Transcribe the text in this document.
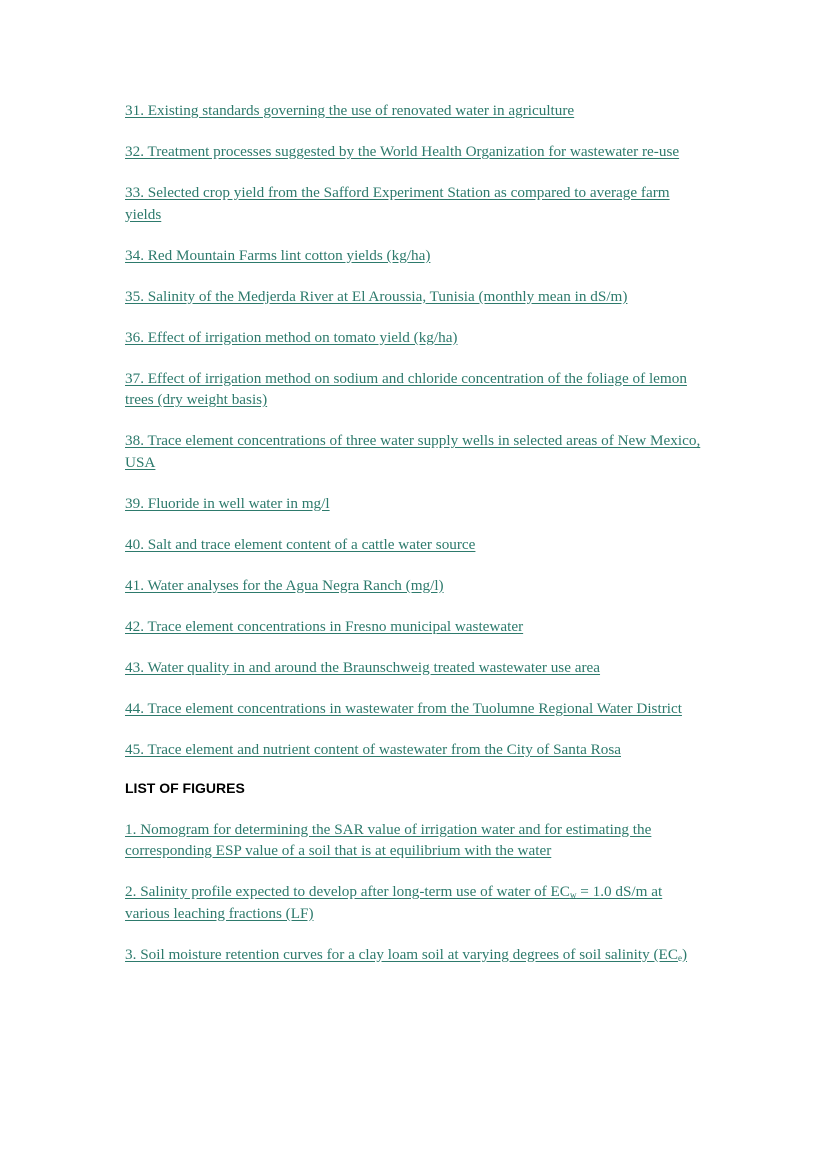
31. Existing standards governing the use of renovated water in agriculture
32. Treatment processes suggested by the World Health Organization for wastewater re-use
33. Selected crop yield from the Safford Experiment Station as compared to average farm yields
34. Red Mountain Farms lint cotton yields (kg/ha)
35. Salinity of the Medjerda River at El Aroussia, Tunisia (monthly mean in dS/m)
36. Effect of irrigation method on tomato yield (kg/ha)
37. Effect of irrigation method on sodium and chloride concentration of the foliage of lemon trees (dry weight basis)
38. Trace element concentrations of three water supply wells in selected areas of New Mexico, USA
39. Fluoride in well water in mg/l
40. Salt and trace element content of a cattle water source
41. Water analyses for the Agua Negra Ranch (mg/l)
42. Trace element concentrations in Fresno municipal wastewater
43. Water quality in and around the Braunschweig treated wastewater use area
44. Trace element concentrations in wastewater from the Tuolumne Regional Water District
45. Trace element and nutrient content of wastewater from the City of Santa Rosa
LIST OF FIGURES
1. Nomogram for determining the SAR value of irrigation water and for estimating the corresponding ESP value of a soil that is at equilibrium with the water
2. Salinity profile expected to develop after long-term use of water of $EC_w = 1.0$ dS/m at various leaching fractions (LF)
3. Soil moisture retention curves for a clay loam soil at varying degrees of soil salinity $(EC_e)$
